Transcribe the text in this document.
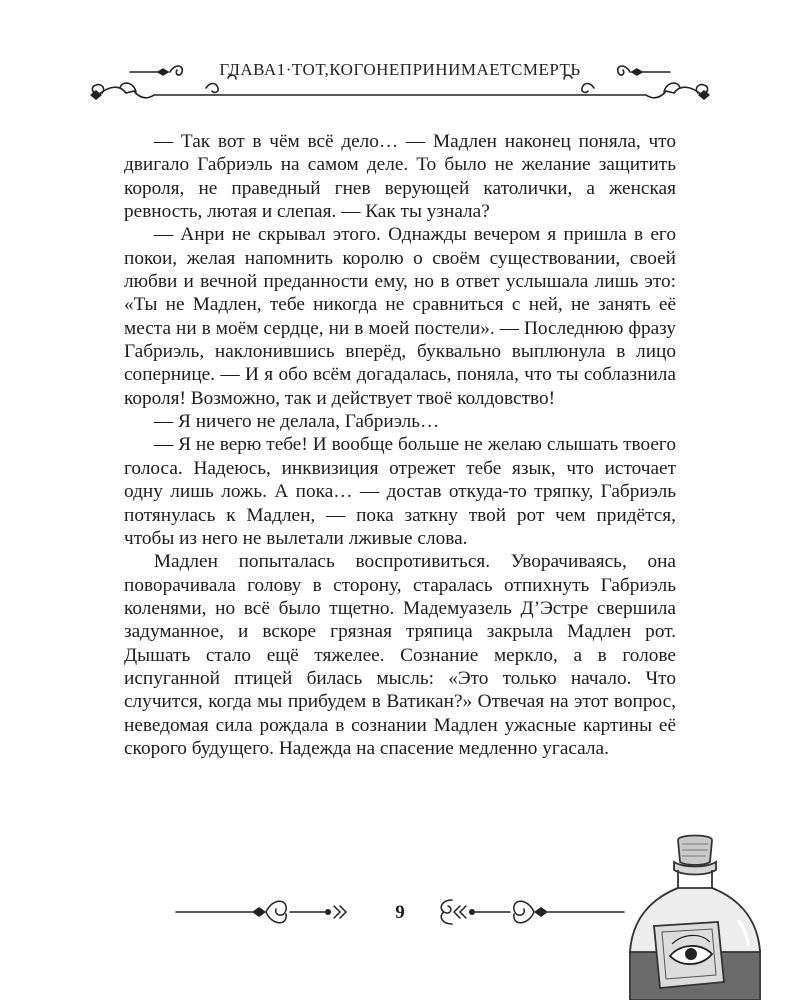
ГЛАВА1·ТОТ,КОГОНЕПРИНИМАЕТСМЕРТЬ

— Так вот в чём всё дело… — Мадлен наконец поняла, что двигало Габриэль на самом деле. То было не желание защитить короля, не праведный гнев верующей католички, а женская ревность, лютая и слепая. — Как ты узнала?

— Анри не скрывал этого. Однажды вечером я пришла в его покои, желая напомнить королю о своём существовании, своей любви и вечной преданности ему, но в ответ услышала лишь это: «Ты не Мадлен, тебе никогда не сравниться с ней, не занять её места ни в моём сердце, ни в моей постели». — Последнюю фразу Габриэль, наклонившись вперёд, буквально выплюнула в лицо сопернице. — И я обо всём догадалась, поняла, что ты соблазнила короля! Возможно, так и действует твоё колдовство!

— Я ничего не делала, Габриэль…

— Я не верю тебе! И вообще больше не желаю слышать твоего голоса. Надеюсь, инквизиция отрежет тебе язык, что источает одну лишь ложь. А пока… — достав откуда-то тряпку, Габриэль потянулась к Мадлен, — пока заткну твой рот чем придётся, чтобы из него не вылетали лживые слова.

Мадлен попыталась воспротивиться. Уворачиваясь, она поворачивала голову в сторону, старалась отпихнуть Габриэль коленями, но всё было тщетно. Мадемуазель Д’Эстре свершила задуманное, и вскоре грязная тряпица закрыла Мадлен рот. Дышать стало ещё тяжелее. Сознание меркло, а в голове испуганной птицей билась мысль: «Это только начало. Что случится, когда мы прибудем в Ватикан?» Отвечая на этот вопрос, неведомая сила рождала в сознании Мадлен ужасные картины её скорого будущего. Надежда на спасение медленно угасала.

9
